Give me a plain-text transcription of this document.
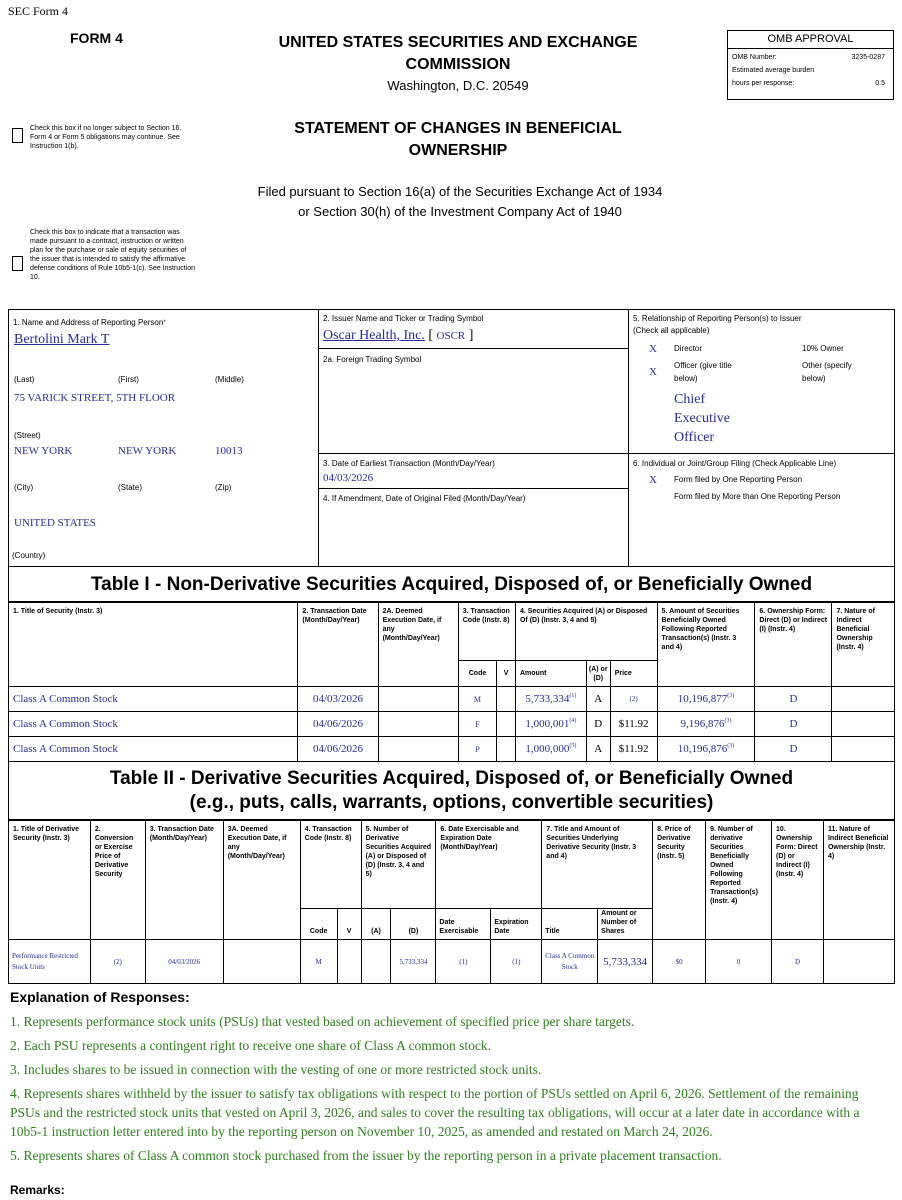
SEC Form 4
FORM 4	UNITED STATES SECURITIES AND EXCHANGE
COMMISSION
Washington, D.C. 20549
STATEMENT OF CHANGES IN BENEFICIAL
OWNERSHIP
Filed pursuant to Section 16(a) of the Securities Exchange Act of 1934
or Section 30(h) of the Investment Company Act of 1940
OMB APPROVAL
OMB Number:	3235-0287
Estimated average burden
hours per response:	0.5
Check this box if no longer subject to Section 16. Form 4 or Form 5 obligations may continue. See Instruction 1(b).
Check this box to indicate that a transaction was made pursuant to a contract, instruction or written plan for the purchase or sale of equity securities of the issuer that is intended to satisfy the affirmative defense conditions of Rule 10b5-1(c). See Instruction 10.
1. Name and Address of Reporting Person*
Bertolini Mark T
(Last)	(First)	(Middle)
75 VARICK STREET, 5TH FLOOR
(Street)
NEW YORK	NEW YORK	10013
(City)	(State)	(Zip)
UNITED STATES
(Country)
2. Issuer Name and Ticker or Trading Symbol
Oscar Health, Inc. [ OSCR ]
2a. Foreign Trading Symbol
3. Date of Earliest Transaction (Month/Day/Year)
04/03/2026
4. If Amendment, Date of Original Filed (Month/Day/Year)
5. Relationship of Reporting Person(s) to Issuer
(Check all applicable)
X Director	10% Owner
X
Officer (give title
below)
Other (specify
below)
Chief
Executive
Officer
6. Individual or Joint/Group Filing (Check Applicable Line)
X Form filed by One Reporting Person
Form filed by More than One Reporting Person
Table I - Non-Derivative Securities Acquired, Disposed of, or Beneficially Owned
1. Title of Security (Instr. 3)	2. Transaction Date (Month/Day/Year)	2A. Deemed Execution Date, if any (Month/Day/Year)	3. Transaction Code (Instr. 8)		4. Securities Acquired (A) or Disposed Of (D) (Instr. 3, 4 and 5)			5. Amount of Securities Beneficially Owned Following Reported Transaction(s) (Instr. 3 and 4)	6. Ownership Form: Direct (D) or Indirect (I) (Instr. 4)	7. Nature of Indirect Beneficial Ownership (Instr. 4)
			Code	V	Amount	(A) or (D)	Price			
Class A Common Stock	04/03/2026		M		5,733,334$^{(1)}$	A	(2)	10,196,877$^{(3)}$	D	
Class A Common Stock	04/06/2026		F		1,000,001$^{(4)}$	D	$11.92	9,196,876$^{(3)}$	D	
Class A Common Stock	04/06/2026		P		1,000,000$^{(5)}$	A	$11.92	10,196,876$^{(3)}$	D	
Table II - Derivative Securities Acquired, Disposed of, or Beneficially Owned
(e.g., puts, calls, warrants, options, convertible securities)
1. Title of Derivative Security (Instr. 3)	2. Conversion or Exercise Price of Derivative Security	3. Transaction Date (Month/Day/Year)	3A. Deemed Execution Date, if any (Month/Day/Year)	4. Transaction Code (Instr. 8)		5. Number of Derivative Securities Acquired (A) or Disposed of (D) (Instr. 3, 4 and 5)		6. Date Exercisable and Expiration Date (Month/Day/Year)		7. Title and Amount of Securities Underlying Derivative Security (Instr. 3 and 4)		8. Price of Derivative Security (Instr. 5)	9. Number of derivative Securities Beneficially Owned Following Reported Transaction(s) (Instr. 4)	10. Ownership Form: Direct (D) or Indirect (I) (Instr. 4)	11. Nature of Indirect Beneficial Ownership (Instr. 4)
				Code	V	(A)	(D)	Date Exercisable	Expiration Date	Title	Amount or Number of Shares				
Performance Restricted Stock Units	(2)	04/03/2026		M			5,733,334	(1)	(1)	Class A Common Stock	5,733,334	$0	0	D	
Explanation of Responses:
1. Represents performance stock units (PSUs) that vested based on achievement of specified price per share targets.
2. Each PSU represents a contingent right to receive one share of Class A common stock.
3. Includes shares to be issued in connection with the vesting of one or more restricted stock units.
4. Represents shares withheld by the issuer to satisfy tax obligations with respect to the portion of PSUs settled on April 6, 2026. Settlement of the remaining PSUs and the restricted stock units that vested on April 3, 2026, and sales to cover the resulting tax obligations, will occur at a later date in accordance with a 10b5-1 instruction letter entered into by the reporting person on November 10, 2025, as amended and restated on March 24, 2026.
5. Represents shares of Class A common stock purchased from the issuer by the reporting person in a private placement transaction.
Remarks:
